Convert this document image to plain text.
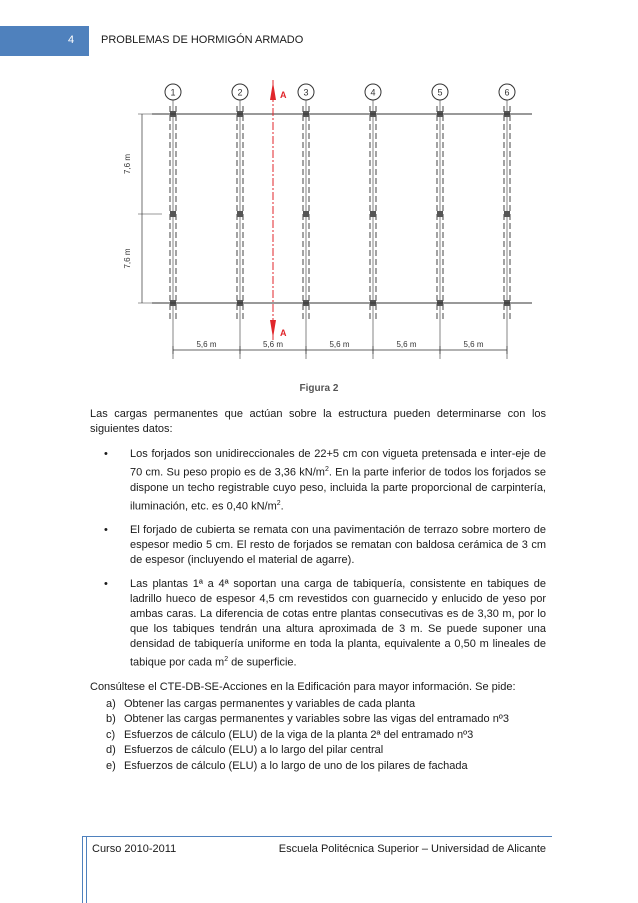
4 PROBLEMAS DE HORMIGÓN ARMADO
1	2	3	4	5	6
A
A
7,6 m
7,6 m
5,6 m	5,6 m	5,6 m	5,6 m	5,6 m
Figura 2

Las cargas permanentes que actúan sobre la estructura pueden determinarse con los siguientes datos:

• Los forjados son unidireccionales de 22+5 cm con vigueta pretensada e inter-eje de 70 cm. Su peso propio es de 3,36 $kN/m^2$. En la parte inferior de todos los forjados se dispone un techo registrable cuyo peso, incluida la parte proporcional de carpintería, iluminación, etc. es 0,40 $kN/m^2$.
• El forjado de cubierta se remata con una pavimentación de terrazo sobre mortero de espesor medio 5 cm. El resto de forjados se rematan con baldosa cerámica de 3 cm de espesor (incluyendo el material de agarre).
• Las plantas 1ª a 4ª soportan una carga de tabiquería, consistente en tabiques de ladrillo hueco de espesor 4,5 cm revestidos con guarnecido y enlucido de yeso por ambas caras. La diferencia de cotas entre plantas consecutivas es de 3,30 m, por lo que los tabiques tendrán una altura aproximada de 3 m. Se puede suponer una densidad de tabiquería uniforme en toda la planta, equivalente a 0,50 m lineales de tabique por cada $m^2$ de superficie.

Consúltese el CTE-DB-SE-Acciones en la Edificación para mayor información. Se pide:

a) Obtener las cargas permanentes y variables de cada planta
b) Obtener las cargas permanentes y variables sobre las vigas del entramado nº3
c) Esfuerzos de cálculo (ELU) de la viga de la planta 2ª del entramado nº3
d) Esfuerzos de cálculo (ELU) a lo largo del pilar central
e) Esfuerzos de cálculo (ELU) a lo largo de uno de los pilares de fachada
Curso 2010-2011	Escuela Politécnica Superior – Universidad de Alicante
